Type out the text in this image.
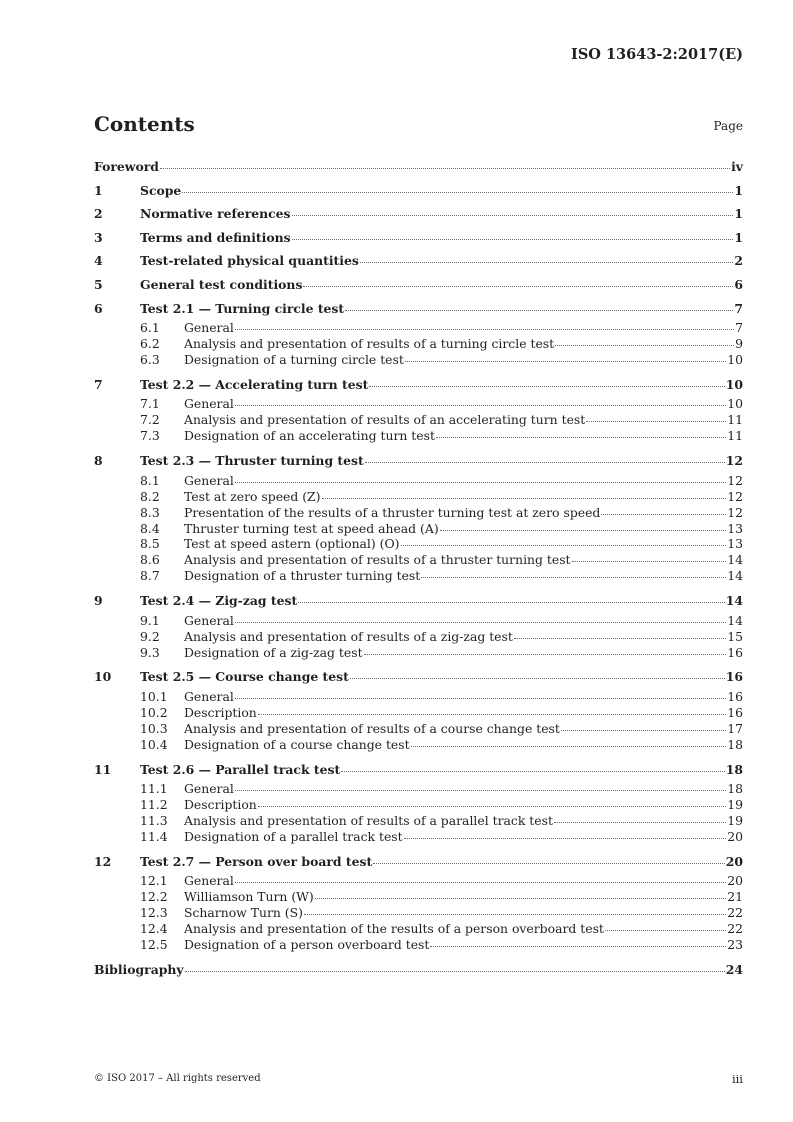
ISO 13643-2:2017(E)
Contents	Page
Foreword	iv
1	Scope	1
2	Normative references	1
3	Terms and definitions	1
4	Test-related physical quantities	2
5	General test conditions	6
6	Test 2.1 — Turning circle test	7
6.1	General	7
6.2	Analysis and presentation of results of a turning circle test	9
6.3	Designation of a turning circle test	10
7	Test 2.2 — Accelerating turn test	10
7.1	General	10
7.2	Analysis and presentation of results of an accelerating turn test	11
7.3	Designation of an accelerating turn test	11
8	Test 2.3 — Thruster turning test	12
8.1	General	12
8.2	Test at zero speed (Z)	12
8.3	Presentation of the results of a thruster turning test at zero speed	12
8.4	Thruster turning test at speed ahead (A)	13
8.5	Test at speed astern (optional) (O)	13
8.6	Analysis and presentation of results of a thruster turning test	14
8.7	Designation of a thruster turning test	14
9	Test 2.4 — Zig-zag test	14
9.1	General	14
9.2	Analysis and presentation of results of a zig-zag test	15
9.3	Designation of a zig-zag test	16
10	Test 2.5 — Course change test	16
10.1	General	16
10.2	Description	16
10.3	Analysis and presentation of results of a course change test	17
10.4	Designation of a course change test	18
11	Test 2.6 — Parallel track test	18
11.1	General	18
11.2	Description	19
11.3	Analysis and presentation of results of a parallel track test	19
11.4	Designation of a parallel track test	20
12	Test 2.7 — Person over board test	20
12.1	General	20
12.2	Williamson Turn (W)	21
12.3	Scharnow Turn (S)	22
12.4	Analysis and presentation of the results of a person overboard test	22
12.5	Designation of a person overboard test	23
Bibliography	24
© ISO 2017 – All rights reserved	iii
